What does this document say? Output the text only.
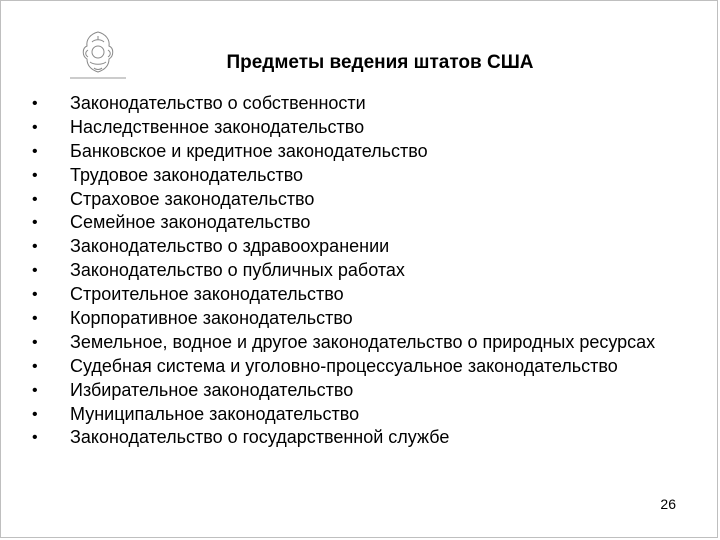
Предметы ведения штатов США
• Законодательство о собственности
• Наследственное законодательство
• Банковское и кредитное законодательство
• Трудовое законодательство
• Страховое законодательство
• Семейное законодательство
• Законодательство о здравоохранении
• Законодательство о публичных работах
• Строительное законодательство
• Корпоративное законодательство
• Земельное, водное и другое законодательство о природных ресурсах
• Судебная система и уголовно-процессуальное законодательство
• Избирательное законодательство
• Муниципальное законодательство
• Законодательство о государственной службе
26
